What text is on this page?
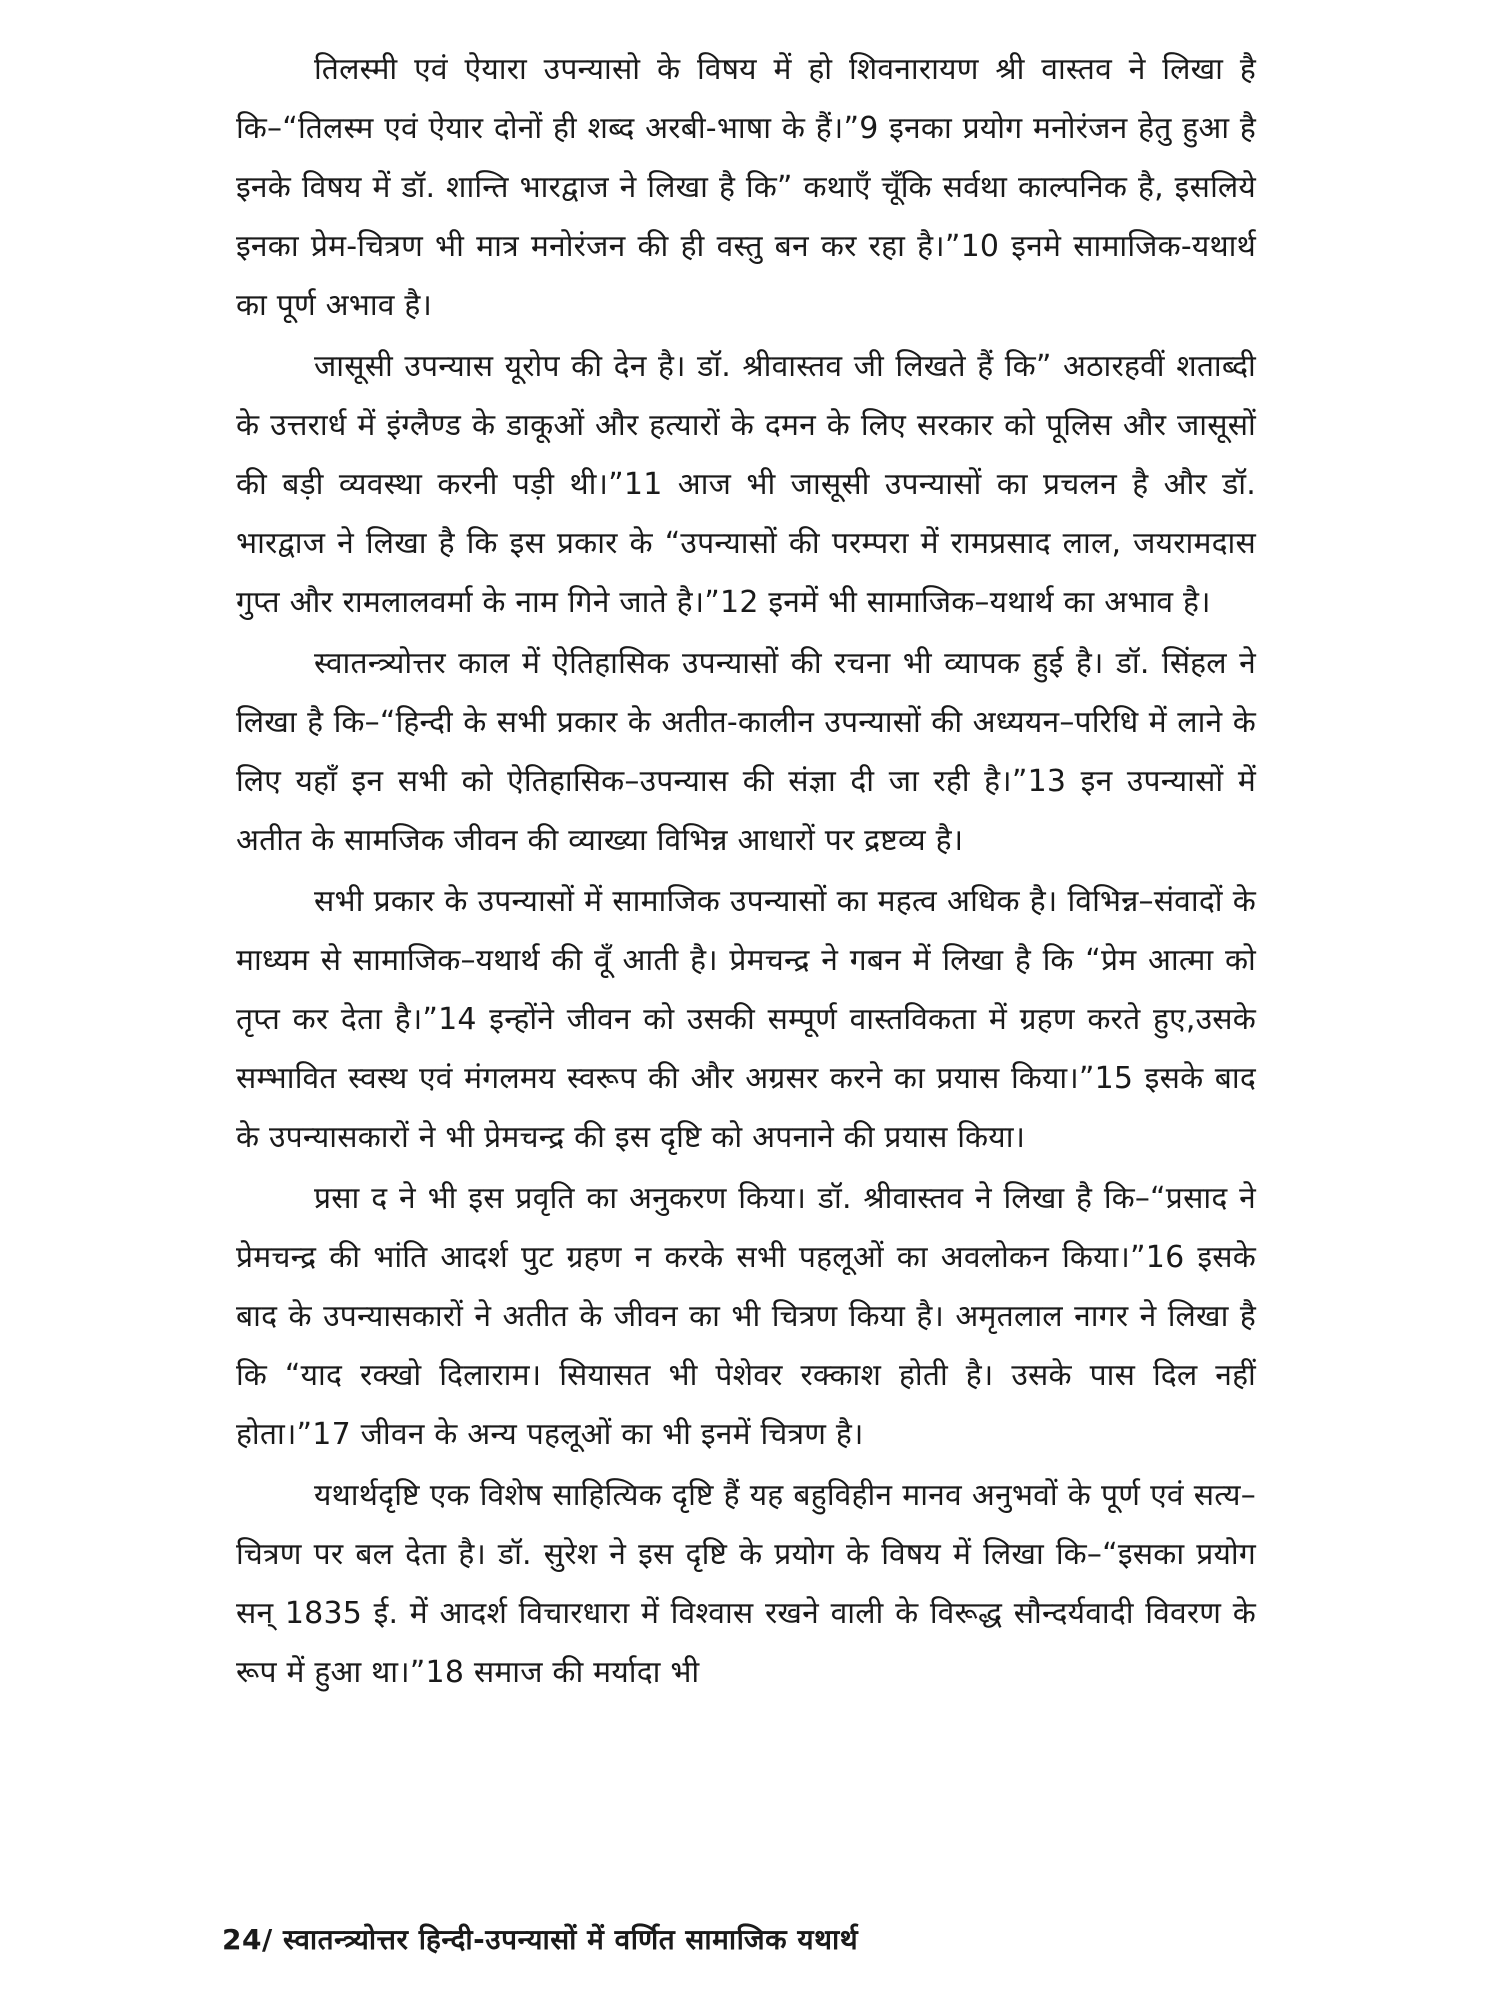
तिलस्मी एवं ऐयारा उपन्यासो के विषय में हो शिवनारायण श्री वास्तव ने लिखा है कि–“तिलस्म एवं ऐयार दोनों ही शब्द अरबी-भाषा के हैं।”9 इनका प्रयोग मनोरंजन हेतु हुआ है इनके विषय में डॉ. शान्ति भारद्वाज ने लिखा है कि” कथाएँ चूँकि सर्वथा काल्पनिक है, इसलिये इनका प्रेम-चित्रण भी मात्र मनोरंजन की ही वस्तु बन कर रहा है।”10 इनमे सामाजिक-यथार्थ का पूर्ण अभाव है।

जासूसी उपन्यास यूरोप की देन है। डॉ. श्रीवास्तव जी लिखते हैं कि” अठारहवीं शताब्दी के उत्तरार्ध में इंग्लैण्ड के डाकूओं और हत्यारों के दमन के लिए सरकार को पूलिस और जासूसों की बड़ी व्यवस्था करनी पड़ी थी।”11 आज भी जासूसी उपन्यासों का प्रचलन है और डॉ. भारद्वाज ने लिखा है कि इस प्रकार के “उपन्यासों की परम्परा में रामप्रसाद लाल, जयरामदास गुप्त और रामलालवर्मा के नाम गिने जाते है।”12 इनमें भी सामाजिक–यथार्थ का अभाव है।

स्वातन्त्र्योत्तर काल में ऐतिहासिक उपन्यासों की रचना भी व्यापक हुई है। डॉ. सिंहल ने लिखा है कि–“हिन्दी के सभी प्रकार के अतीत-कालीन उपन्यासों की अध्ययन–परिधि में लाने के लिए यहाँ इन सभी को ऐतिहासिक–उपन्यास की संज्ञा दी जा रही है।”13 इन उपन्यासों में अतीत के सामजिक जीवन की व्याख्या विभिन्न आधारों पर द्रष्टव्य है।

सभी प्रकार के उपन्यासों में सामाजिक उपन्यासों का महत्व अधिक है। विभिन्न–संवादों के माध्यम से सामाजिक–यथार्थ की वूँ आती है। प्रेमचन्द्र ने गबन में लिखा है कि “प्रेम आत्मा को तृप्त कर देता है।”14 इन्होंने जीवन को उसकी सम्पूर्ण वास्तविकता में ग्रहण करते हुए,उसके सम्भावित स्वस्थ एवं मंगलमय स्वरूप की और अग्रसर करने का प्रयास किया।”15 इसके बाद के उपन्यासकारों ने भी प्रेमचन्द्र की इस दृष्टि को अपनाने की प्रयास किया।

प्रसा द ने भी इस प्रवृति का अनुकरण किया। डॉ. श्रीवास्तव ने लिखा है कि–“प्रसाद ने प्रेमचन्द्र की भांति आदर्श पुट ग्रहण न करके सभी पहलूओं का अवलोकन किया।”16 इसके बाद के उपन्यासकारों ने अतीत के जीवन का भी चित्रण किया है। अमृतलाल नागर ने लिखा है कि “याद रक्खो दिलाराम। सियासत भी पेशेवर रक्काश होती है। उसके पास दिल नहीं होता।”17 जीवन के अन्य पहलूओं का भी इनमें चित्रण है।

यथार्थदृष्टि एक विशेष साहित्यिक दृष्टि हैं यह बहुविहीन मानव अनुभवों के पूर्ण एवं सत्य–चित्रण पर बल देता है। डॉ. सुरेश ने इस दृष्टि के प्रयोग के विषय में लिखा कि–“इसका प्रयोग सन् 1835 ई. में आदर्श विचारधारा में विश्वास रखने वाली के विरूद्ध सौन्दर्यवादी विवरण के रूप में हुआ था।”18 समाज की मर्यादा भी

24/ स्वातन्त्र्योत्तर हिन्दी-उपन्यासों में वर्णित सामाजिक यथार्थ
